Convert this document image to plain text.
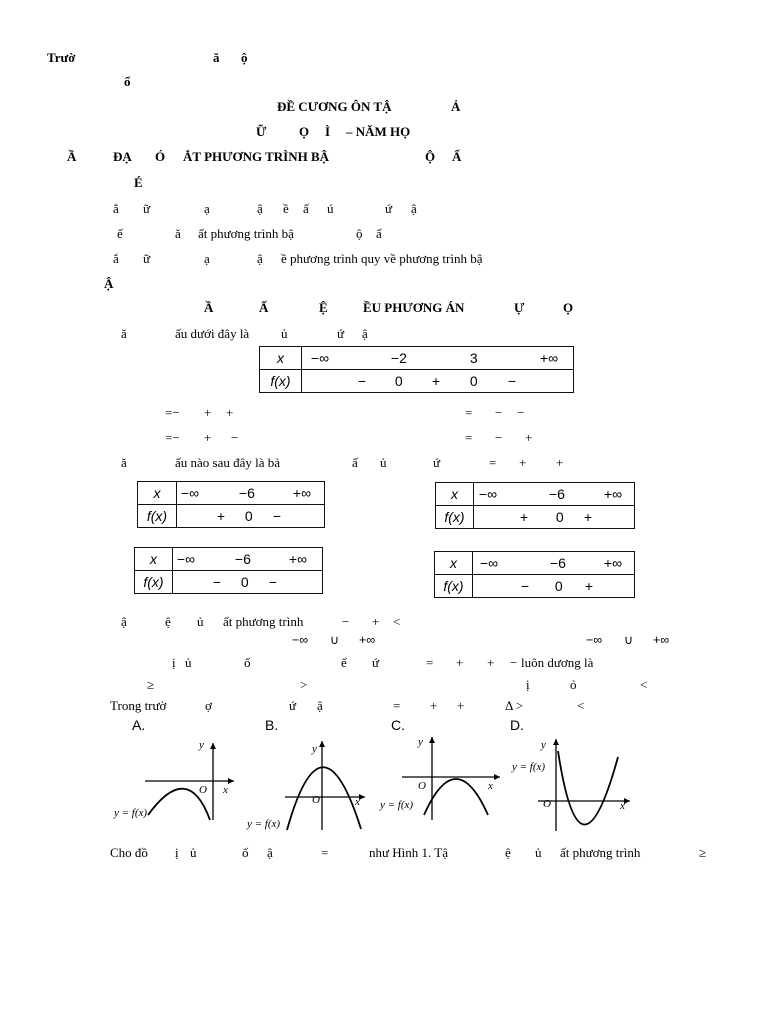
Trườ	ă ộ
ổ
ĐỀ CƯƠNG ÔN TẬ	Ả
Ữ	Ọ Ì – NĂM HỌ
Ầ	ĐẠ Ó ẮT PHƯƠNG TRÌNH BẬ	Ộ Ẩ
É
ắ ữ	ạ	ậ ề ấ ú	ứ ậ
ế	ă ất phương trình bậ	ộ ẩ
ắ ữ	ạ	ậ ề phương trình quy về phương trình bậ
Ậ
Ầ	Ấ	Ệ	ỀU PHƯƠNG ÁN	Ự	Ọ
ă	ấu dưới đây là ủ	ứ ậ
x	−∞ −2 3 +∞

f(x)	− 0 + 0 −
=− + +	= − −
=− + −	= − +
ă	ấu nào sau đây là bả	ấ ủ	ứ	= + +
x	−∞ −6 +∞

f(x)	+ 0 −
x	−∞ −6 +∞

f(x)	+ 0 +
x	−∞ −6 +∞

f(x)	− 0 −
x	−∞ −6 +∞

f(x)	− 0 +
ậ	ệ ủ ất phương trình	− + <
−∞ ∪ +∞	−∞ ∪ +∞
ị ủ	ố	ể ứ	= + + − luôn dương là
≥	>	ị	ỏ	<
Trong trườ	ợ	ứ ậ	= + +	Δ >	<
A.	B.	C.	D.
y
x
O
y = f(x)
y
x
O
y = f(x)
y
x
O
y = f(x)
y
x
O
y = f(x)
Cho đồ ị ủ	ố ậ	=	như Hình 1. Tậ	ệ ủ ất phương trình	≥
